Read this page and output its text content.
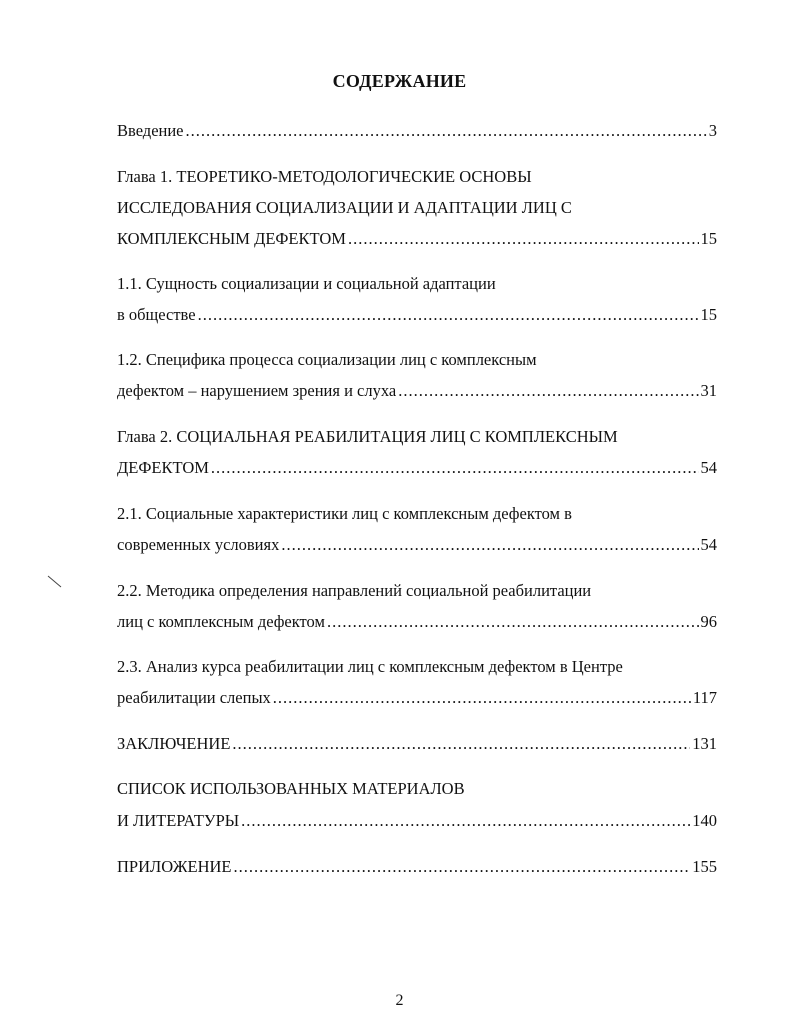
СОДЕРЖАНИЕ
Введение .....	3
Глава 1. ТЕОРЕТИКО-МЕТОДОЛОГИЧЕСКИЕ ОСНОВЫ
ИССЛЕДОВАНИЯ СОЦИАЛИЗАЦИИ И АДАПТАЦИИ ЛИЦ С
КОМПЛЕКСНЫМ ДЕФЕКТОМ .....	15
1.1. Сущность социализации и социальной адаптации
в обществе .....	15
1.2. Специфика процесса социализации лиц с комплексным
дефектом – нарушением зрения и слуха .....	31
Глава 2. СОЦИАЛЬНАЯ РЕАБИЛИТАЦИЯ ЛИЦ С КОМПЛЕКСНЫМ
ДЕФЕКТОМ .....	54
2.1. Социальные характеристики лиц с комплексным дефектом в
современных условиях .....	54
2.2. Методика определения направлений социальной реабилитации
лиц с комплексным дефектом .....	96
2.3. Анализ курса реабилитации лиц с комплексным дефектом в Центре
реабилитации слепых .....	117
ЗАКЛЮЧЕНИЕ .....	131
СПИСОК ИСПОЛЬЗОВАННЫХ МАТЕРИАЛОВ
И ЛИТЕРАТУРЫ .....	140
ПРИЛОЖЕНИЕ .....	155
2
